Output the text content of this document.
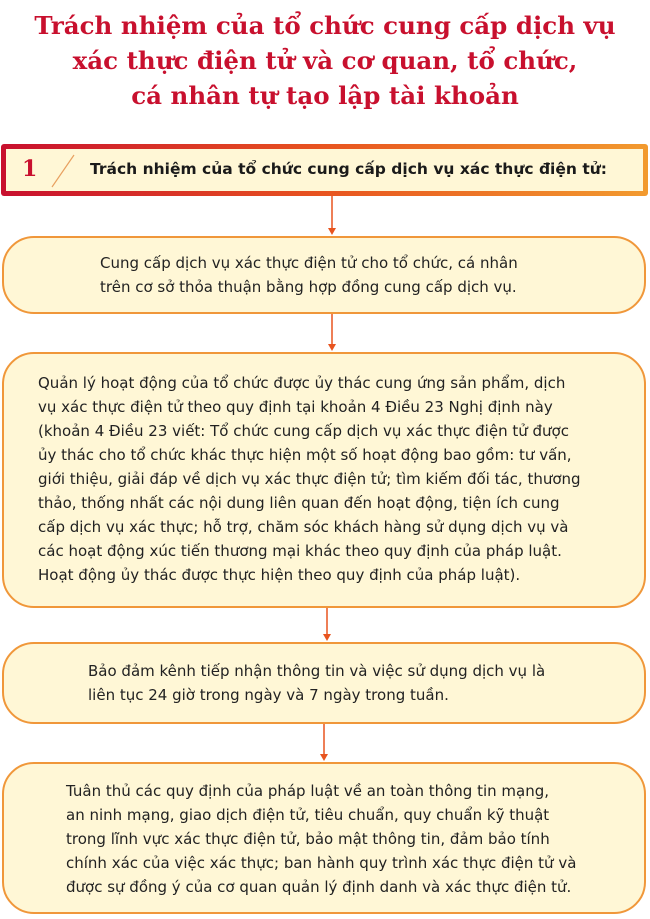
Trách nhiệm của tổ chức cung cấp dịch vụ
xác thực điện tử và cơ quan, tổ chức,
cá nhân tự tạo lập tài khoản
1	Trách nhiệm của tổ chức cung cấp dịch vụ xác thực điện tử:

Cung cấp dịch vụ xác thực điện tử cho tổ chức, cá nhân
trên cơ sở thỏa thuận bằng hợp đồng cung cấp dịch vụ.

Quản lý hoạt động của tổ chức được ủy thác cung ứng sản phẩm, dịch
vụ xác thực điện tử theo quy định tại khoản 4 Điều 23 Nghị định này
(khoản 4 Điều 23 viết: Tổ chức cung cấp dịch vụ xác thực điện tử được
ủy thác cho tổ chức khác thực hiện một số hoạt động bao gồm: tư vấn,
giới thiệu, giải đáp về dịch vụ xác thực điện tử; tìm kiếm đối tác, thương
thảo, thống nhất các nội dung liên quan đến hoạt động, tiện ích cung
cấp dịch vụ xác thực; hỗ trợ, chăm sóc khách hàng sử dụng dịch vụ và
các hoạt động xúc tiến thương mại khác theo quy định của pháp luật.
Hoạt động ủy thác được thực hiện theo quy định của pháp luật).

Bảo đảm kênh tiếp nhận thông tin và việc sử dụng dịch vụ là
liên tục 24 giờ trong ngày và 7 ngày trong tuần.

Tuân thủ các quy định của pháp luật về an toàn thông tin mạng,
an ninh mạng, giao dịch điện tử, tiêu chuẩn, quy chuẩn kỹ thuật
trong lĩnh vực xác thực điện tử, bảo mật thông tin, đảm bảo tính
chính xác của việc xác thực; ban hành quy trình xác thực điện tử và
được sự đồng ý của cơ quan quản lý định danh và xác thực điện tử.
